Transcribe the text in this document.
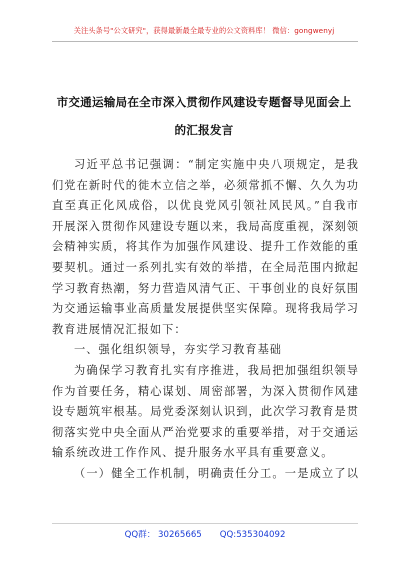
关注头条号"公文研究"，获得最新最全最专业的公文资料库！ 微信：gongwenyj
市交通运输局在全市深入贯彻作风建设专题督导见面会上
的汇报发言
习近平总书记强调：“制定实施中央八项规定，是我
们党在新时代的徙木立信之举，必须常抓不懈、久久为功
直至真正化风成俗，以优良党风引领社风民风。”自我市
开展深入贯彻作风建设专题以来，我局高度重视，深刻领
会精神实质，将其作为加强作风建设、提升工作效能的重
要契机。通过一系列扎实有效的举措，在全局范围内掀起
学习教育热潮，努力营造风清气正、干事创业的良好氛围
为交通运输事业高质量发展提供坚实保障。现将我局学习
教育进展情况汇报如下：
一、强化组织领导，夯实学习教育基础
为确保学习教育扎实有序推进，我局把加强组织领导
作为首要任务，精心谋划、周密部署，为深入贯彻作风建
设专题筑牢根基。局党委深刻认识到，此次学习教育是贯
彻落实党中央全面从严治党要求的重要举措，对于交通运
输系统改进工作作风、提升服务水平具有重要意义。
（一）健全工作机制，明确责任分工。一是成立了以
QQ群： 30265665 QQ:535304092
